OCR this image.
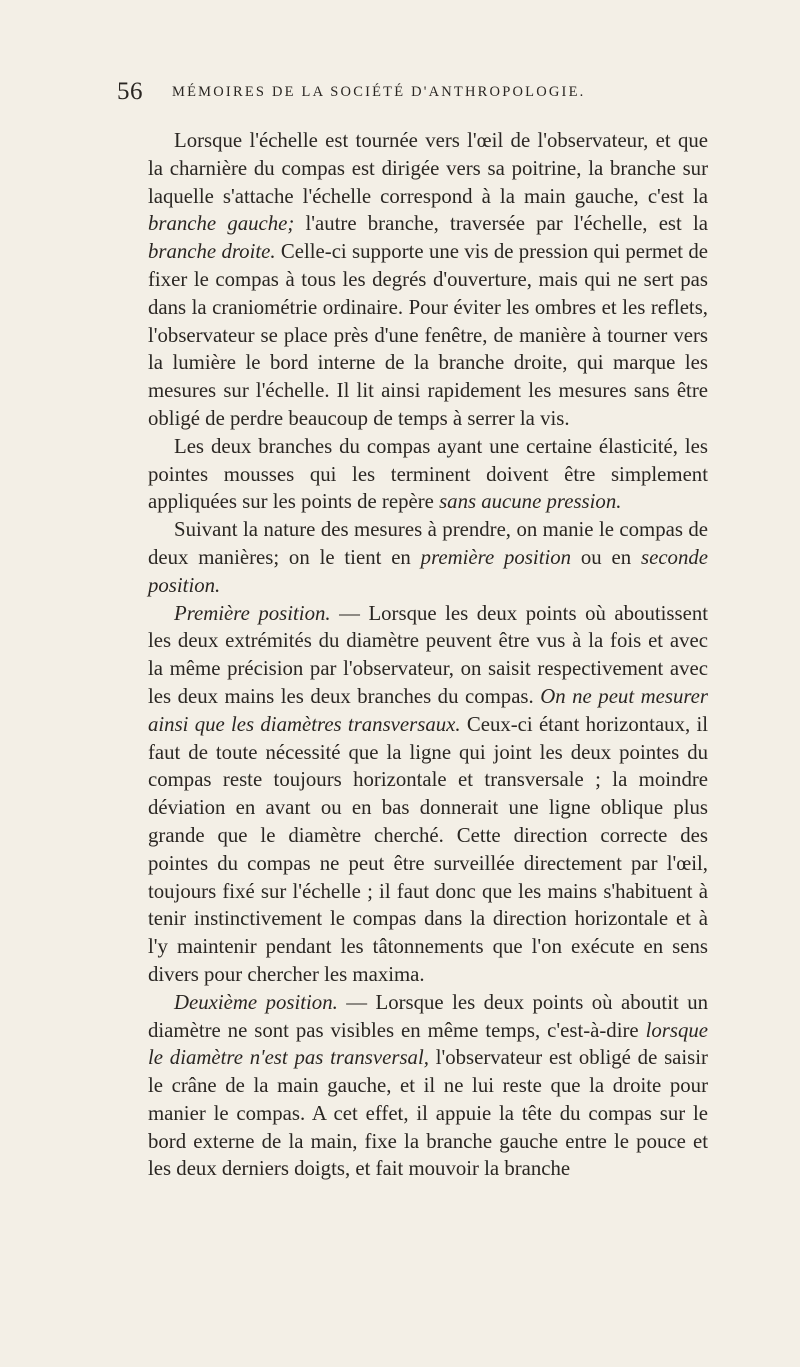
56 MÉMOIRES DE LA SOCIÉTÉ D'ANTHROPOLOGIE.

Lorsque l'échelle est tournée vers l'œil de l'observateur, et que la charnière du compas est dirigée vers sa poitrine, la branche sur laquelle s'attache l'échelle correspond à la main gauche, c'est la branche gauche; l'autre branche, traversée par l'échelle, est la branche droite. Celle-ci supporte une vis de pression qui permet de fixer le compas à tous les degrés d'ouverture, mais qui ne sert pas dans la craniométrie ordinaire. Pour éviter les ombres et les reflets, l'observateur se place près d'une fenêtre, de manière à tourner vers la lumière le bord interne de la branche droite, qui marque les mesures sur l'échelle. Il lit ainsi rapidement les mesures sans être obligé de perdre beaucoup de temps à serrer la vis.

Les deux branches du compas ayant une certaine élasticité, les pointes mousses qui les terminent doivent être simplement appliquées sur les points de repère sans aucune pression.

Suivant la nature des mesures à prendre, on manie le compas de deux manières; on le tient en première position ou en seconde position.

Première position. — Lorsque les deux points où aboutissent les deux extrémités du diamètre peuvent être vus à la fois et avec la même précision par l'observateur, on saisit respectivement avec les deux mains les deux branches du compas. On ne peut mesurer ainsi que les diamètres transversaux. Ceux-ci étant horizontaux, il faut de toute nécessité que la ligne qui joint les deux pointes du compas reste toujours horizontale et transversale ; la moindre déviation en avant ou en bas donnerait une ligne oblique plus grande que le diamètre cherché. Cette direction correcte des pointes du compas ne peut être surveillée directement par l'œil, toujours fixé sur l'échelle ; il faut donc que les mains s'habituent à tenir instinctivement le compas dans la direction horizontale et à l'y maintenir pendant les tâtonnements que l'on exécute en sens divers pour chercher les maxima.

Deuxième position. — Lorsque les deux points où aboutit un diamètre ne sont pas visibles en même temps, c'est-à-dire lorsque le diamètre n'est pas transversal, l'observateur est obligé de saisir le crâne de la main gauche, et il ne lui reste que la droite pour manier le compas. A cet effet, il appuie la tête du compas sur le bord externe de la main, fixe la branche gauche entre le pouce et les deux derniers doigts, et fait mouvoir la branche
